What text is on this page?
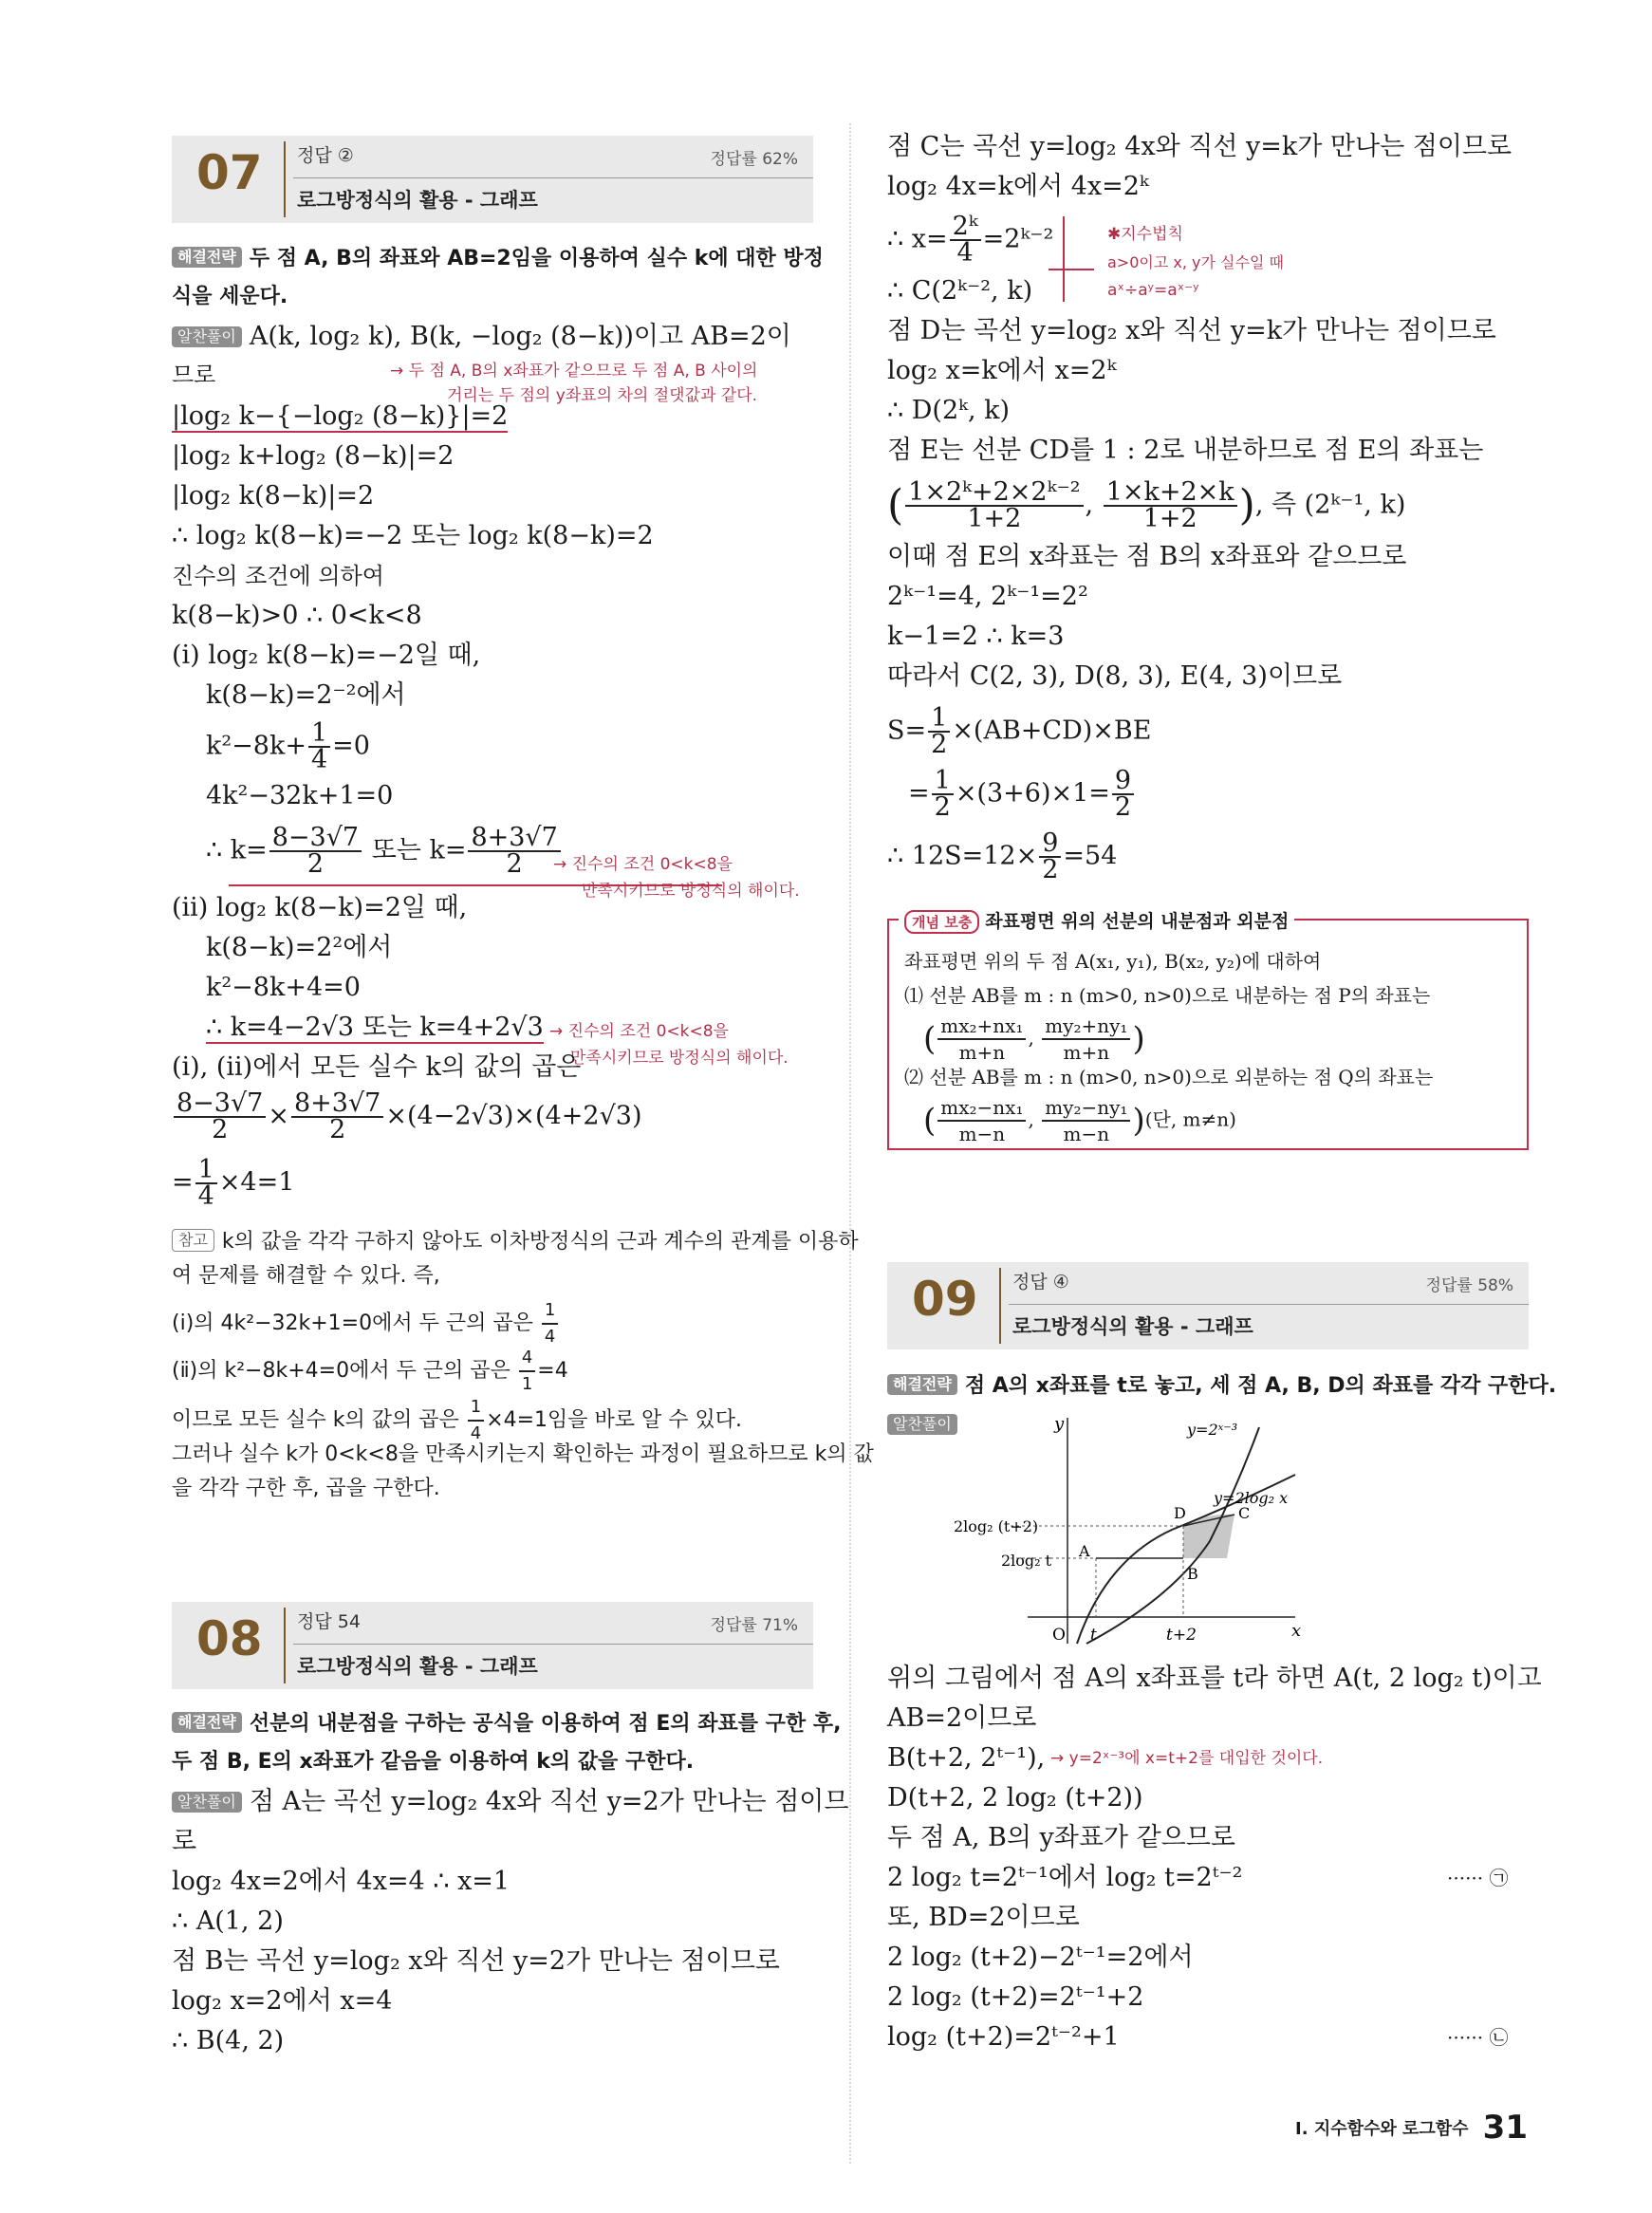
07 정답 ②	정답률 62%
로그방정식의 활용 - 그래프
해결전략 두 점 A, B의 좌표와 AB=2임을 이용하여 실수 k에 대한 방정
식을 세운다.
알찬풀이 A(k, log₂ k), B(k, −log₂ (8−k))이고 AB=2이
므로	→ 두 점 A, B의 x좌표가 같으므로 두 점 A, B 사이의
거리는 두 점의 y좌표의 차의 절댓값과 같다.
|log₂ k−{−log₂ (8−k)}|=2
|log₂ k+log₂ (8−k)|=2
|log₂ k(8−k)|=2
∴ log₂ k(8−k)=−2 또는 log₂ k(8−k)=2
진수의 조건에 의하여
k(8−k)>0 ∴ 0<k<8
(ⅰ) log₂ k(8−k)=−2일 때,
k(8−k)=2⁻²에서
$k^2-8k+ \frac{1}{4} =0$
4k²−32k+1=0
∴ $k= \frac{8-3√7}{2}$ 또는 $k= \frac{8+3√7}{2}$
→ 진수의 조건 0<k<8을
만족시키므로 방정식의 해이다.
(ⅱ) log₂ k(8−k)=2일 때,
k(8−k)=2²에서
k²−8k+4=0
∴ k=4−2√3 또는 k=4+2√3 → 진수의 조건 0<k<8을
만족시키므로 방정식의 해이다.
(ⅰ), (ⅱ)에서 모든 실수 k의 값의 곱은
$\frac{8-3√7}{2} \times \frac{8+3√7}{2} \times(4-2√3)\times(4+2√3)$
= $\frac{1}{4} \times 4=1$
참고 k의 값을 각각 구하지 않아도 이차방정식의 근과 계수의 관계를 이용하
여 문제를 해결할 수 있다. 즉,
(ⅰ)의 4k²−32k+1=0에서 두 근의 곱은 $\frac{1}{4}$
(ⅱ)의 k²−8k+4=0에서 두 근의 곱은 $\frac{4}{1} =4$
이므로 모든 실수 k의 값의 곱은 $\frac{1}{4} \times 4=1$임을 바로 알 수 있다.
그러나 실수 k가 0<k<8을 만족시키는지 확인하는 과정이 필요하므로 k의 값
을 각각 구한 후, 곱을 구한다.
08 정답 54	정답률 71%
로그방정식의 활용 - 그래프
해결전략 선분의 내분점을 구하는 공식을 이용하여 점 E의 좌표를 구한 후,
두 점 B, E의 x좌표가 같음을 이용하여 k의 값을 구한다.
알찬풀이 점 A는 곡선 y=log₂ 4x와 직선 y=2가 만나는 점이므
로
log₂ 4x=2에서 4x=4 ∴ x=1
∴ A(1, 2)
점 B는 곡선 y=log₂ x와 직선 y=2가 만나는 점이므로
log₂ x=2에서 x=4
∴ B(4, 2)
점 C는 곡선 y=log₂ 4x와 직선 y=k가 만나는 점이므로
log₂ 4x=k에서 4x=2ᵏ
∴ $x= \frac{\text{2ᵏ}}{4}$ =2ᵏ⁻²	✱지수법칙
a>0이고 x, y가 실수일 때
aˣ÷aʸ=aˣ⁻ʸ
∴ C(2ᵏ⁻², k)
점 D는 곡선 y=log₂ x와 직선 y=k가 만나는 점이므로
log₂ x=k에서 x=2ᵏ
∴ D(2ᵏ, k)
점 E는 선분 CD를 1 : 2로 내분하므로 점 E의 좌표는
( $\frac{\text{1×2ᵏ+2×2ᵏ⁻²}}{1+2}$ , $\frac{1\times k+2\times k}{1+2}$ ), 즉 (2ᵏ⁻¹, k)
이때 점 E의 x좌표는 점 B의 x좌표와 같으므로
2ᵏ⁻¹=4, 2ᵏ⁻¹=2²
k−1=2 ∴ k=3
따라서 C(2, 3), D(8, 3), E(4, 3)이므로
$S= \frac{1}{2} \times(AB+CD)\times BE$
= $\frac{1}{2} \times(3+6)\times 1= \frac{9}{2}$
∴ $12S=12\times \frac{9}{2} =54$
개념 보충 좌표평면 위의 선분의 내분점과 외분점
좌표평면 위의 두 점 A(x₁, y₁), B(x₂, y₂)에 대하여
⑴ 선분 AB를 m : n (m>0, n>0)으로 내분하는 점 P의 좌표는
( $\frac{\text{mx₂+nx₁}}{m+n}$ , $\frac{\text{my₂+ny₁}}{m+n}$ )
⑵ 선분 AB를 m : n (m>0, n>0)으로 외분하는 점 Q의 좌표는
( $\frac{\text{mx₂−nx₁}}{m-n}$ , $\frac{\text{my₂−ny₁}}{m-n}$ )(단, m≠n)
09 정답 ④	정답률 58%
로그방정식의 활용 - 그래프
해결전략 점 A의 x좌표를 t로 놓고, 세 점 A, B, D의 좌표를 각각 구한다.
알찬풀이	y
x
O t	t+2
y=2ˣ⁻³
y=2log₂ x
2log₂ (t+2)
2log₂ t
A
B
C
D
위의 그림에서 점 A의 x좌표를 t라 하면 A(t, 2 log₂ t)이고
AB=2이므로
B(t+2, 2ᵗ⁻¹), → y=2ˣ⁻³에 x=t+2를 대입한 것이다.
D(t+2, 2 log₂ (t+2))
두 점 A, B의 y좌표가 같으므로
2 log₂ t=2ᵗ⁻¹에서 log₂ t=2ᵗ⁻²	······ ㉠
또, BD=2이므로
2 log₂ (t+2)−2ᵗ⁻¹=2에서
2 log₂ (t+2)=2ᵗ⁻¹+2
log₂ (t+2)=2ᵗ⁻²+1	······ ㉡
Ⅰ. 지수함수와 로그함수 31
